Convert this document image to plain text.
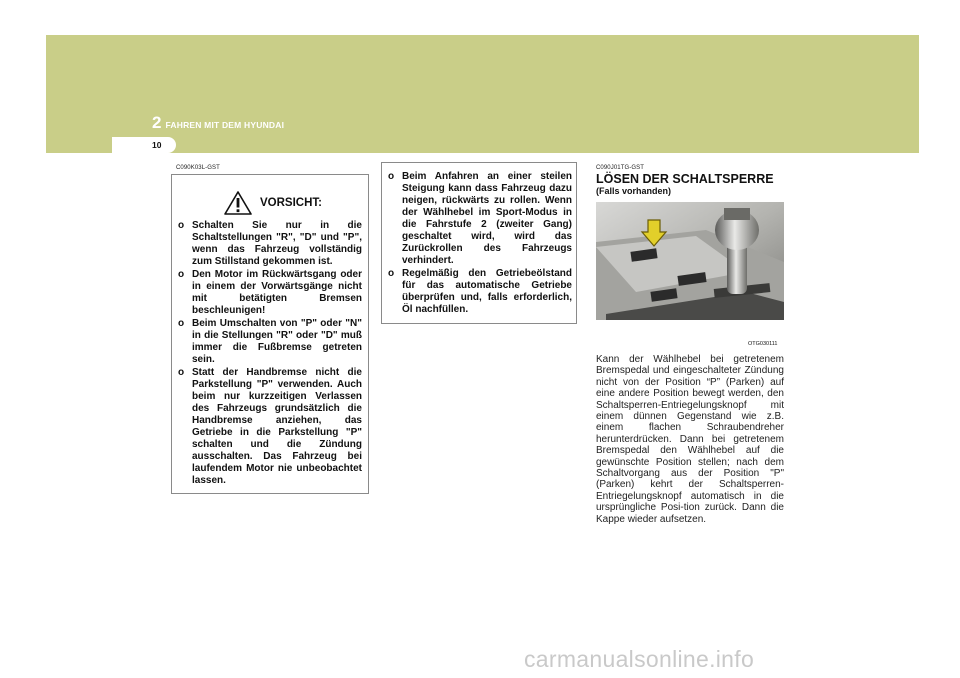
2 FAHREN MIT DEM HYUNDAI
10
C090K03L-GST
VORSICHT:
o Schalten Sie nur in die Schaltstellungen "R", "D" und "P", wenn das Fahrzeug vollständig zum Stillstand gekommen ist.
o Den Motor im Rückwärtsgang oder in einem der Vorwärtsgänge nicht mit betätigten Bremsen beschleunigen!
o Beim Umschalten von "P" oder "N" in die Stellungen "R" oder "D" muß immer die Fußbremse getreten sein.
o Statt der Handbremse nicht die Parkstellung "P" verwenden. Auch beim nur kurzzeitigen Verlassen des Fahrzeugs grundsätzlich die Handbremse anziehen, das Getriebe in die Parkstellung "P" schalten und die Zündung ausschalten. Das Fahrzeug bei laufendem Motor nie unbeobachtet lassen.
o Beim Anfahren an einer steilen Steigung kann dass Fahrzeug dazu neigen, rückwärts zu rollen. Wenn der Wählhebel im Sport-Modus in die Fahrstufe 2 (zweiter Gang) geschaltet wird, wird das Zurückrollen des Fahrzeugs verhindert.
o Regelmäßig den Getriebeölstand für das automatische Getriebe überprüfen und, falls erforderlich, Öl nachfüllen.
C090J01TG-GST
LÖSEN DER SCHALTSPERRE
(Falls vorhanden)
OTG030111
Kann der Wählhebel bei getretenem Bremspedal und eingeschalteter Zündung nicht von der Position “P” (Parken) auf eine andere Position bewegt werden, den Schaltsperren-Entriegelungsknopf mit einem dünnen Gegenstand wie z.B. einem flachen Schraubendreher herunterdrücken. Dann bei getretenem Bremspedal den Wählhebel auf die gewünschte Position stellen; nach dem Schaltvorgang aus der Position "P" (Parken) kehrt der Schaltsperren-Entriegelungsknopf automatisch in die ursprüngliche Posi-tion zurück. Dann die Kappe wieder aufsetzen.
carmanualsonline.info
